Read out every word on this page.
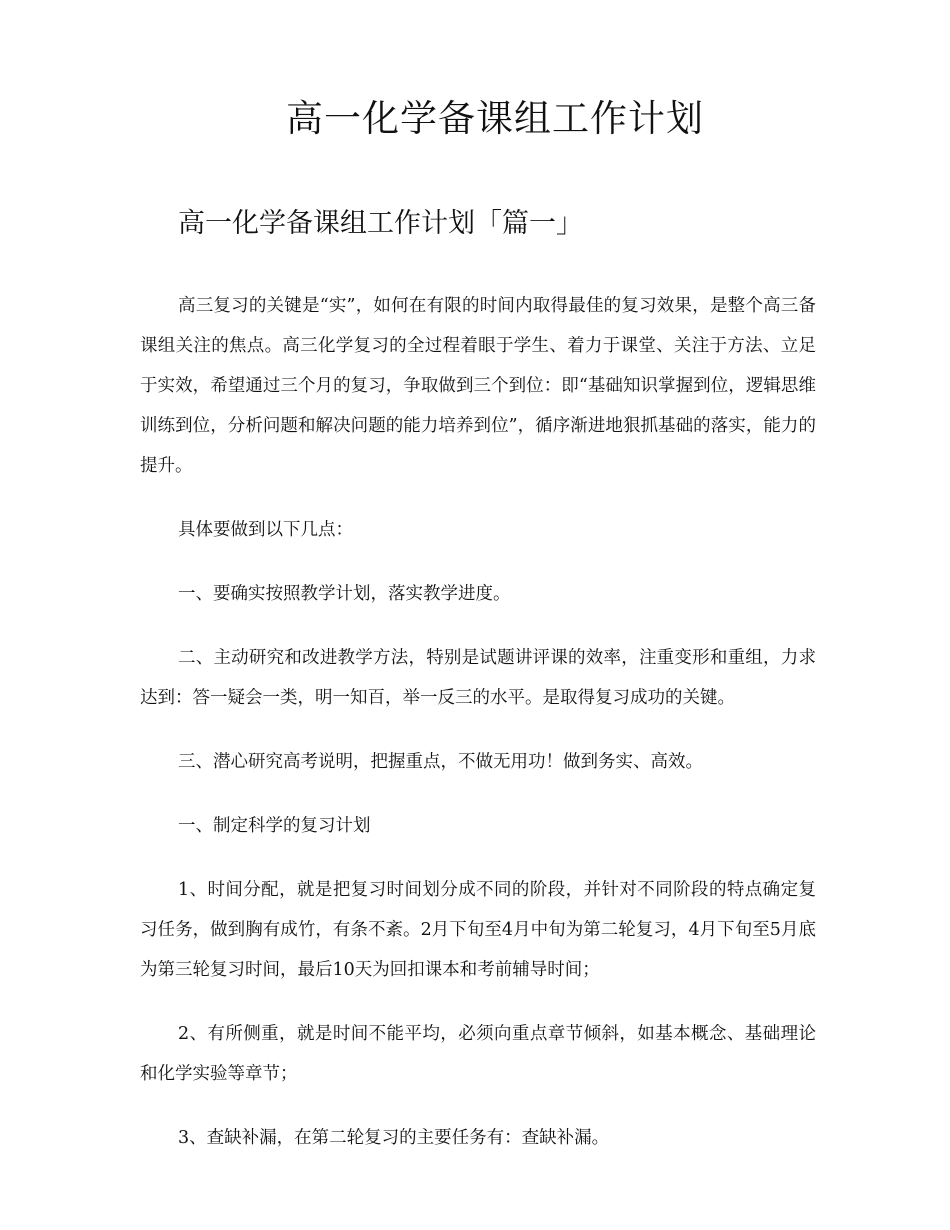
高一化学备课组工作计划
高一化学备课组工作计划「篇一」

高三复习的关键是“实”，如何在有限的时间内取得最佳的复习效果，是整个高三备课组关注的焦点。高三化学复习的全过程着眼于学生、着力于课堂、关注于方法、立足于实效，希望通过三个月的复习，争取做到三个到位：即“基础知识掌握到位，逻辑思维训练到位，分析问题和解决问题的能力培养到位”，循序渐进地狠抓基础的落实，能力的提升。

具体要做到以下几点：

一、要确实按照教学计划，落实教学进度。

二、主动研究和改进教学方法，特别是试题讲评课的效率，注重变形和重组，力求达到：答一疑会一类，明一知百，举一反三的水平。是取得复习成功的关键。

三、潜心研究高考说明，把握重点，不做无用功！做到务实、高效。

一、制定科学的复习计划

1、时间分配，就是把复习时间划分成不同的阶段，并针对不同阶段的特点确定复习任务，做到胸有成竹，有条不紊。2月下旬至4月中旬为第二轮复习，4月下旬至5月底为第三轮复习时间，最后10天为回扣课本和考前辅导时间；

2、有所侧重，就是时间不能平均，必须向重点章节倾斜，如基本概念、基础理论和化学实验等章节；

3、查缺补漏，在第二轮复习的主要任务有：查缺补漏。
